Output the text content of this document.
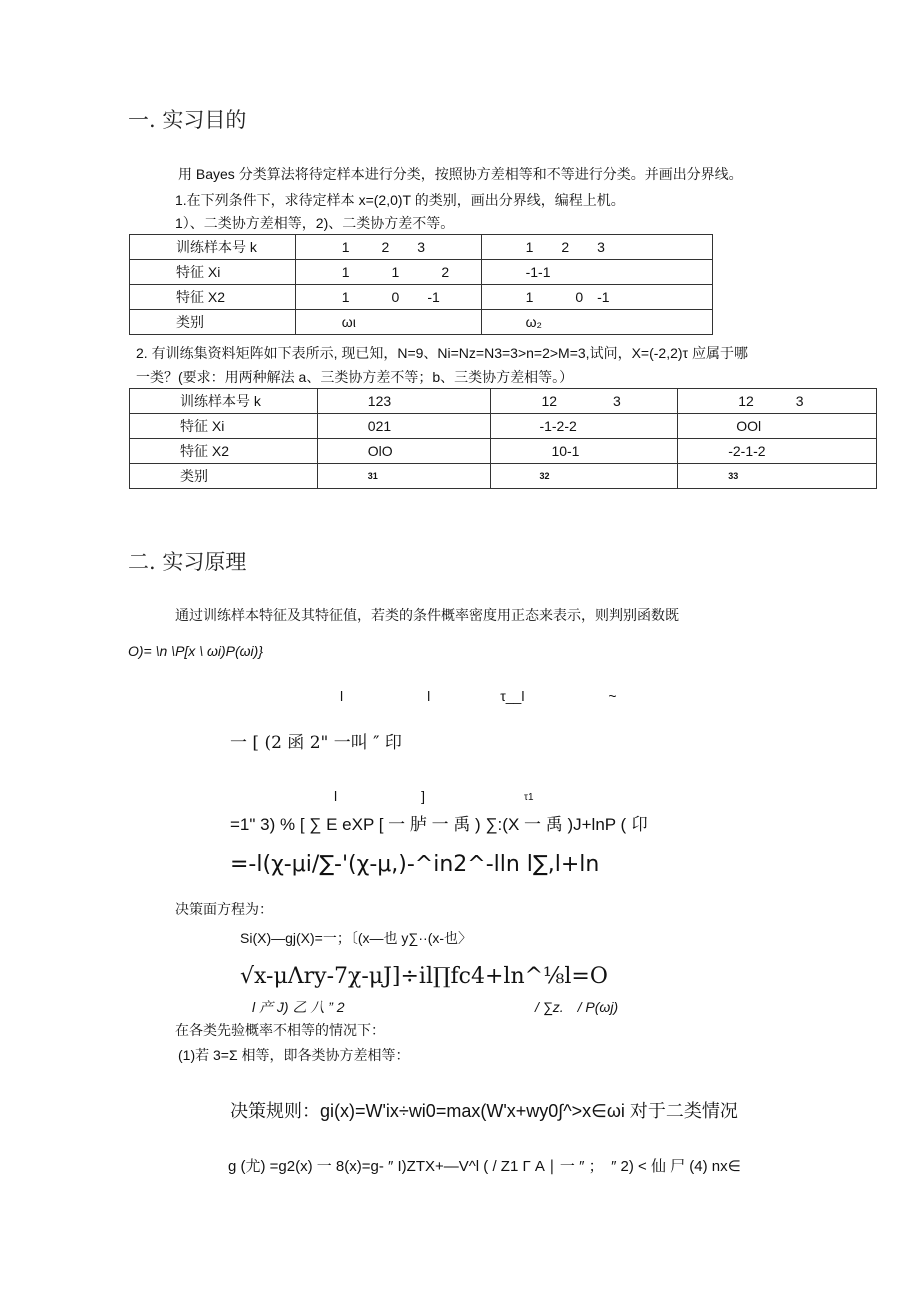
一. 实习目的
用 Bayes 分类算法将待定样本进行分类，按照协方差相等和不等进行分类。并画出分界线。
1.在下列条件下，求待定样本 x=(2,0)T 的类别，画出分界线，编程上机。
1）、二类协方差相等，2)、二类协方差不等。
训练样本号 k	1　　 2　　3	1　　2　　3
特征 Xi	1　　　1　　　2	-1-1
特征 X2	1　　　0　　-1	1　　　0　-1
类别	ωι	ω₂
2. 有训练集资料矩阵如下表所示, 现已知，N=9、Ni=Nz=N3=3>n=2>M=3,试问，X=(-2,2)τ 应属于哪
一类？(要求：用两种解法 a、三类协方差不等；b、三类协方差相等。）
训练样本号 k	123	12　　　　3	12　　　3
特征 Xi	021	-1-2-2	OOl
特征 X2	OlO	10-1	-2-1-2
类别	31	32	33
二. 实习原理
通过训练样本特征及其特征值，若类的条件概率密度用正态来表示，则判别函数既
O)= \n \P[x \ ωi)P(ωi)}
l　　　　　　l　　　　　τ__l　　　　　　~
一 [ (2 函 2" 一叫 ″ 印
l　　　　　　]	τ1
=1" 3) % [ ∑ E eXP [ 一 胪 一 禹 ) ∑:(X 一 禹 )J+lnP ( 卬
=-l(χ-μi/∑-'(χ-μ,)-^in2^-lln l∑,l+ln
决策面方程为：
Si(X)—gj(X)=一；〔(x—也 y∑··(x-也〉
√x-μΛry-7χ-μJ]÷il∏fc4+ln^⅛l=O
l 产 J) 乙 八 ” 2	/ ∑z.　/ P(ωj)
在各类先验概率不相等的情况下：
(1)若 3=Σ 相等，即各类协方差相等：
决策规则：gi(x)=W'ix÷wi0=max(W'x+wy0∫^>x∈ωi 对于二类情况
g (尤) =g2(x) 一 8(x)=g- ″ I)ZTX+—V^l ( / Z1 Γ A ∣ 一 ″ ；　″ 2) < 仙 尸 (4) nx∈
